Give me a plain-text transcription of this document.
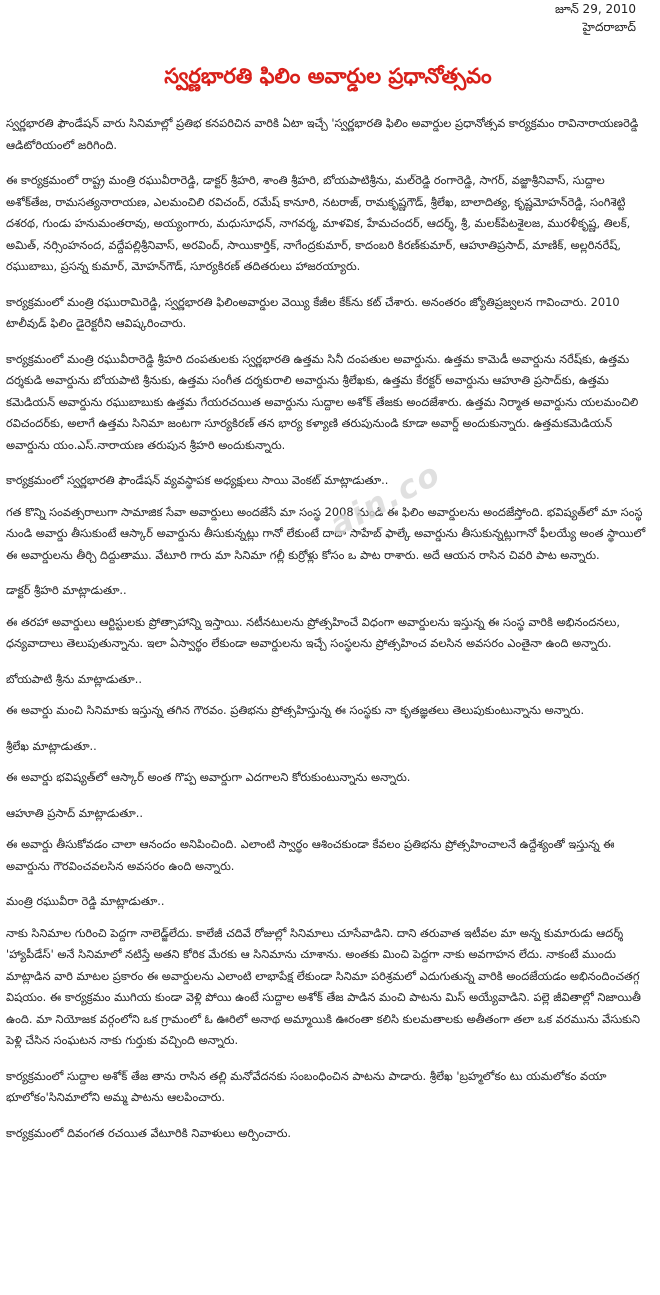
జూన్ 29, 2010
హైదరాబాద్
స్వర్ణభారతి ఫిలిం అవార్డుల ప్రధానోత్సవం

స్వర్ణభారతి ఫౌండేషన్ వారు సినిమాల్లో ప్రతిభ కనపరిచిన వారికి ఏటా ఇచ్చే 'స్వర్ణభారతి ఫిలిం అవార్డుల ప్రధానోత్సవ కార్యక్రమం రావినారాయణరెడ్డి ఆడిటోరియంలో జరిగింది.

ఈ కార్యక్రమంలో రాష్ట్ర మంత్రి రఘువీరారెడ్డి, డాక్టర్ శ్రీహరి, శాంతి శ్రీహరి, బోయపాటిశ్రీను, మల్‌రెడ్డి రంగారెడ్డి, సాగర్, వజ్జాశ్రీనివాస్, సుద్దాల అశోక్‌తేజ, రామసత్యనారాయణ, ఎలమంచిలి రవిచంద్, రమేష్ కానూరి, నటరాజ్, రామకృష్ణగౌడ్, శ్రీలేఖ, బాలాదిత్య, కృష్ణమోహన్‌రెడ్డి, సంగిశెట్టి దశరథ, గుండు హనుమంతరావు, అయ్యంగారు, మధుసూధన్, నాగవర్మ, మాళవిక, హేమచందర్, ఆదర్శ్, శ్రీ, మలక్‌పేటశైలజ, మురళీకృష్ణ, తిలక్, అమిత్, నర్సింహనంద, వద్దేపల్లిశ్రీనివాస్, అరవింద్, సాయికార్తిక్, నాగేంద్రకుమార్, కాదంబరి కిరణ్‌కుమార్, ఆహూతిప్రసాద్, మాణిక్, అల్లరినరేష్, రఘుబాబు, ప్రసన్న కుమార్, మోహన్‌గౌడ్, సూర్యకిరణ్ తదితరులు హాజరయ్యారు.

కార్యక్రమంలో మంత్రి రఘురామిరెడ్డి, స్వర్ణభారతి ఫిలింఅవార్డుల వెయ్యి కేజీల కేక్‌ను కట్ చేశారు. అనంతరం జ్యోతిప్రజ్వలన గావించారు. 2010 టాలీవుడ్ ఫిలిం డైరెక్టరీని ఆవిష్కరించారు.

కార్యక్రమంలో మంత్రి రఘువీరారెడ్డి శ్రీహరి దంపతులకు స్వర్ణభారతి ఉత్తమ సినీ దంపతుల అవార్డును. ఉత్తమ కామెడీ అవార్డును నరేష్‌కు, ఉత్తమ దర్శకుడి అవార్డును బోయపాటి శ్రీనుకు, ఉత్తమ సంగీత దర్శకురాలి అవార్డును శ్రీలేఖకు, ఉత్తమ కేరక్టర్ అవార్డును ఆహూతి ప్రసాద్‌కు, ఉత్తమ కమెడియన్ అవార్డును రఘుబాబుకు ఉత్తమ గేయరచయిత అవార్డును సుద్దాల అశోక్ తేజకు అందజేశారు. ఉత్తమ నిర్మాత అవార్డును యలమంచిలి రవిచందర్‌కు, అలాగే ఉత్తమ సినిమా జంటగా సూర్యకిరణ్ తన భార్య కళ్యాణి తరుపునుండి కూడా అవార్డ్ అందుకున్నారు. ఉత్తమకమెడియన్ అవార్డును యం.ఎస్.నారాయణ తరుపున శ్రీహరి అందుకున్నారు.

కార్యక్రమంలో స్వర్ణభారతి ఫౌండేషన్ వ్యవస్థాపక అధ్యక్షులు సాయి వెంకట్ మాట్లాడుతూ..

గత కొన్ని సంవత్సరాలుగా సామాజిక సేవా అవార్డులు అందజేసే మా సంస్థ 2008 నుండి ఈ ఫిలిం అవార్డులను అందజేస్తోంది. భవిష్యత్‌లో మా సంస్థ నుండి అవార్డు తీసుకుంటే ఆస్కార్ అవార్డును తీసుకున్నట్లు గానో లేకుంటే దాదా సాహేబ్ ఫాల్కే అవార్డును తీసుకున్నట్లుగానో ఫీలయ్యే అంత స్థాయిలో ఈ అవార్డులను తీర్చి దిద్దుతాము. వేటూరి గారు మా సినిమా గల్లీ కుర్రోళ్లు కోసం ఒ పాట రాశారు. అదే ఆయన రాసిన చివరి పాట అన్నారు.

డాక్టర్ శ్రీహరి మాట్లాడుతూ..

ఈ తరహా అవార్డులు ఆర్టిస్టులకు ప్రోత్సాహాన్ని ఇస్తాయి. నటీనటులను ప్రోత్సహించే విధంగా అవార్డులను ఇస్తున్న ఈ సంస్థ వారికి అభినందనలు, ధన్యవాదాలు తెలుపుతున్నాను. ఇలా ఏస్వార్థం లేకుండా అవార్డులను ఇచ్చే సంస్థలను ప్రోత్సహించ వలసిన అవసరం ఎంతైనా ఉంది అన్నారు.

బోయపాటి శ్రీను మాట్లాడుతూ..

ఈ అవార్డు మంచి సినిమాకు ఇస్తున్న తగిన గౌరవం. ప్రతిభను ప్రోత్సహిస్తున్న ఈ సంస్థకు నా కృతజ్ఞతలు తెలుపుకుంటున్నాను అన్నారు.

శ్రీలేఖ మాట్లాడుతూ..

ఈ అవార్డు భవిష్యత్‌లో ఆస్కార్ అంత గొప్ప అవార్డుగా ఎదగాలని కోరుకుంటున్నాను అన్నారు.

ఆహూతి ప్రసాద్ మాట్లాడుతూ..

ఈ అవార్డు తీసుకోవడం చాలా ఆనందం అనిపించింది. ఎలాంటి స్వార్థం ఆశించకుండా కేవలం ప్రతిభను ప్రోత్సహించాలనే ఉద్దేశ్యంతో ఇస్తున్న ఈ అవార్డును గౌరవించవలసిన అవసరం ఉంది అన్నారు.

మంత్రి రఘువీరా రెడ్డి మాట్లాడుతూ..

నాకు సినిమాల గురించి పెద్దగా నాలెడ్జ్‌లేదు. కాలేజీ చదివే రోజుల్లో సినిమాలు చూసేవాడిని. దాని తరువాత ఇటీవల మా అన్న కుమారుడు ఆదర్శ్ 'హ్యాపీడేస్' అనే సినిమాలో నటిస్తే అతని కోరిక మేరకు ఆ సినిమాను చూశాను. అంతకు మించి పెద్దగా నాకు అవగాహన లేదు. నాకంటే ముందు మాట్లాడిన వారి మాటల ప్రకారం ఈ అవార్డులను ఎలాంటి లాభాపేక్ష లేకుండా సినిమా పరిశ్రమలో ఎదుగుతున్న వారికి అందజేయడం అభినందించతగ్గ విషయం. ఈ కార్యక్రమం ముగియ కుండా వెళ్లి పోయి ఉంటే సుద్దాల అశోక్ తేజ పాడిన మంచి పాటను మిస్ అయ్యేవాడిని. పల్లె జీవితాల్లో నిజాయితీ ఉంది. మా నియోజక వర్గంలోని ఒక గ్రామంలో ఓ ఊరిలో అనాథ అమ్మాయికి ఊరంతా కలిసి కులమతాలకు అతీతంగా తలా ఒక వరమును వేసుకుని పెళ్లి చేసిన సంఘటన నాకు గుర్తుకు వచ్చింది అన్నారు.

కార్యక్రమంలో సుద్దాల అశోక్ తేజ తాను రాసిన తల్లి మనోవేదనకు సంబంధించిన పాటను పాడారు. శ్రీలేఖ 'బ్రహ్మలోకం టు యమలోకం వయా భూలోకం'సినిమాలోని అమ్మ పాటను ఆలపించారు.

కార్యక్రమంలో దివంగత రచయిత వేటూరికి నివాళులు అర్పించారు.

ain.co
